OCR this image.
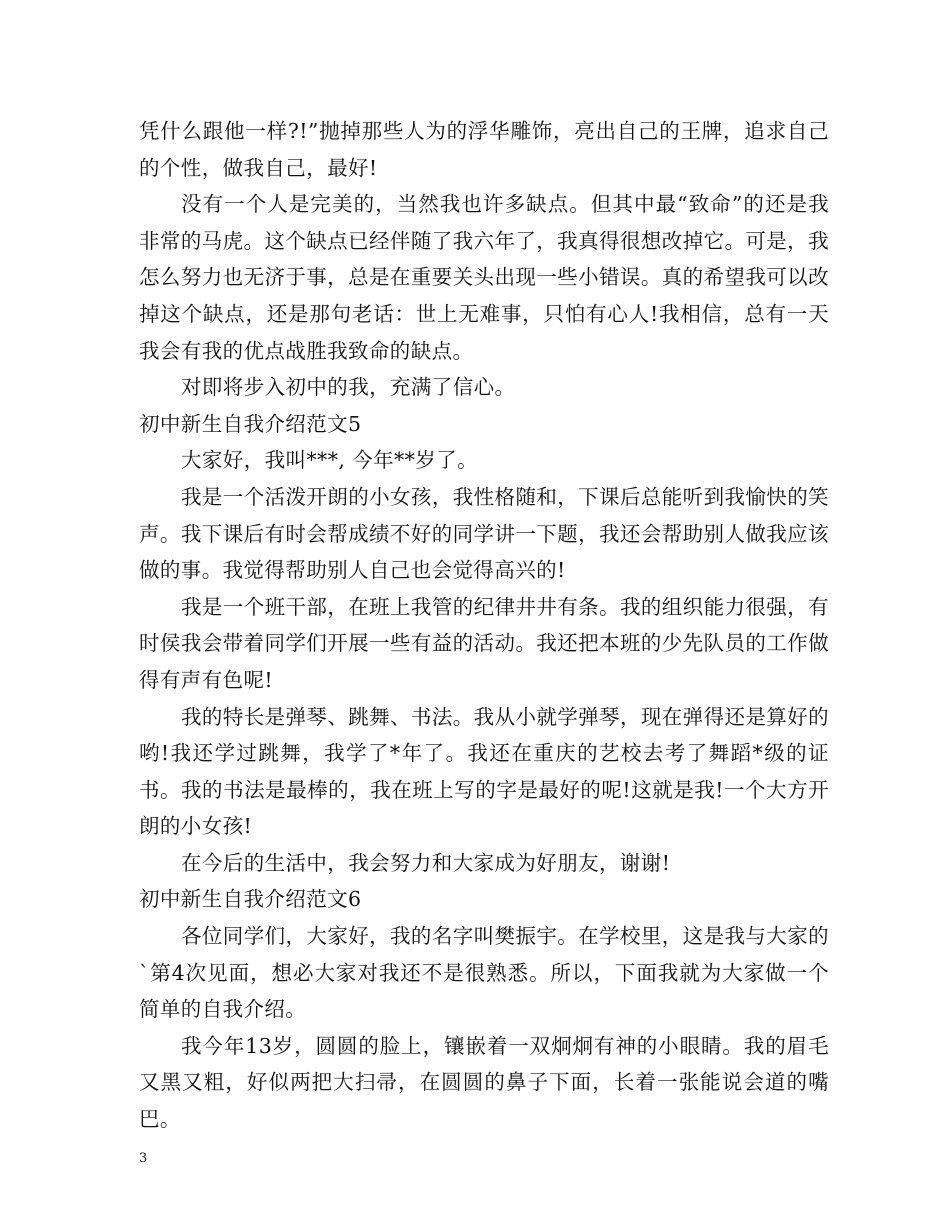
凭什么跟他一样?!”抛掉那些人为的浮华雕饰，亮出自己的王牌，追求自己的个性，做我自己，最好!

没有一个人是完美的，当然我也许多缺点。但其中最“致命”的还是我非常的马虎。这个缺点已经伴随了我六年了，我真得很想改掉它。可是，我怎么努力也无济于事，总是在重要关头出现一些小错误。真的希望我可以改掉这个缺点，还是那句老话：世上无难事，只怕有心人!我相信，总有一天我会有我的优点战胜我致命的缺点。

对即将步入初中的我，充满了信心。

初中新生自我介绍范文5

大家好，我叫***, 今年**岁了。

我是一个活泼开朗的小女孩，我性格随和，下课后总能听到我愉快的笑声。我下课后有时会帮成绩不好的同学讲一下题，我还会帮助别人做我应该做的事。我觉得帮助别人自己也会觉得高兴的!

我是一个班干部，在班上我管的纪律井井有条。我的组织能力很强，有时侯我会带着同学们开展一些有益的活动。我还把本班的少先队员的工作做得有声有色呢!

我的特长是弹琴、跳舞、书法。我从小就学弹琴，现在弹得还是算好的哟!我还学过跳舞，我学了*年了。我还在重庆的艺校去考了舞蹈*级的证书。我的书法是最棒的，我在班上写的字是最好的呢!这就是我!一个大方开朗的小女孩!

在今后的生活中，我会努力和大家成为好朋友，谢谢!

初中新生自我介绍范文6

各位同学们，大家好，我的名字叫樊振宇。在学校里，这是我与大家的`第4次见面，想必大家对我还不是很熟悉。所以，下面我就为大家做一个简单的自我介绍。

我今年13岁，圆圆的脸上，镶嵌着一双炯炯有神的小眼睛。我的眉毛又黑又粗，好似两把大扫帚，在圆圆的鼻子下面，长着一张能说会道的嘴巴。

3
